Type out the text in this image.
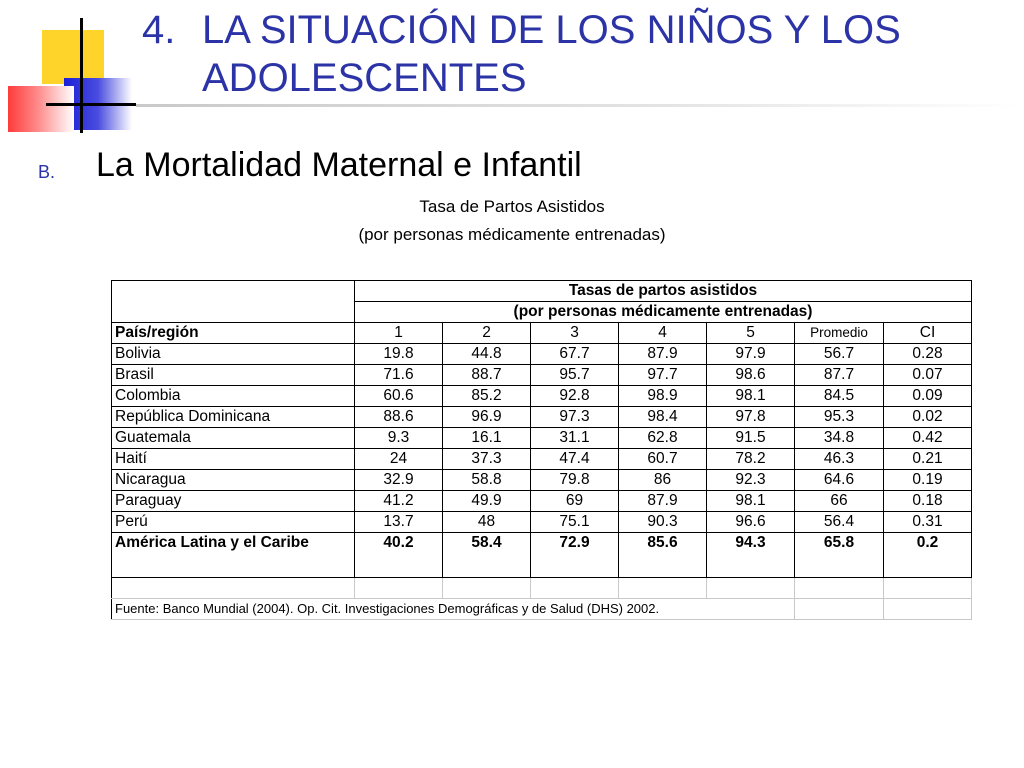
4. LA SITUACIÓN DE LOS NIÑOS Y LOS ADOLESCENTES
B. La Mortalidad Maternal e Infantil
Tasa de Partos Asistidos
(por personas médicamente entrenadas)
	Tasas de partos asistidos						
	(por personas médicamente entrenadas)						
País/región	1	2	3	4	5	Promedio	CI
Bolivia	19.8	44.8	67.7	87.9	97.9	56.7	0.28
Brasil	71.6	88.7	95.7	97.7	98.6	87.7	0.07
Colombia	60.6	85.2	92.8	98.9	98.1	84.5	0.09
República Dominicana	88.6	96.9	97.3	98.4	97.8	95.3	0.02
Guatemala	9.3	16.1	31.1	62.8	91.5	34.8	0.42
Haití	24	37.3	47.4	60.7	78.2	46.3	0.21
Nicaragua	32.9	58.8	79.8	86	92.3	64.6	0.19
Paraguay	41.2	49.9	69	87.9	98.1	66	0.18
Perú	13.7	48	75.1	90.3	96.6	56.4	0.31
América Latina y el Caribe	40.2	58.4	72.9	85.6	94.3	65.8	0.2

Fuente: Banco Mundial (2004). Op. Cit. Investigaciones Demográficas y de Salud (DHS) 2002.							
